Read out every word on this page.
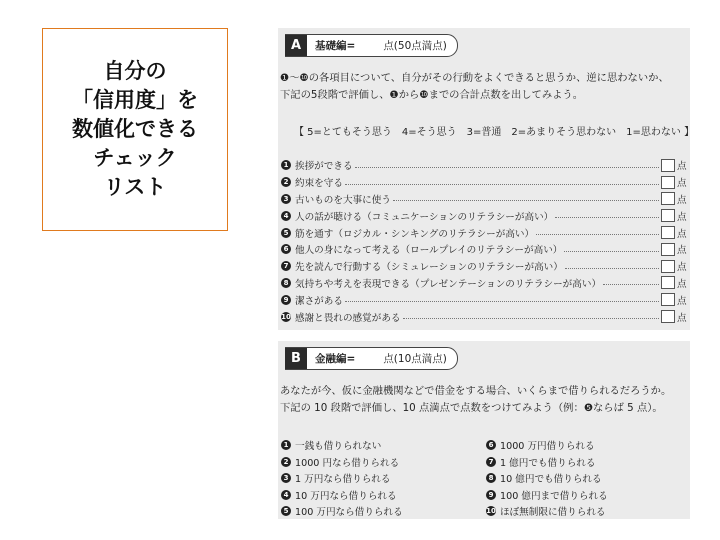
自分の
「信用度」を
数値化できる
チェック
リスト
A	基礎編=	点(50点満点)
❶〜❿の各項目について、自分がその行動をよくできると思うか、逆に思わないか、
下記の5段階で評価し、❶から❿までの合計点数を出してみよう。
【 5=とてもそう思う　4=そう思う　3=普通　2=あまりそう思わない　1=思わない 】
1 挨拶ができる	点
2 約束を守る	点
3 古いものを大事に使う	点
4 人の話が聴ける（コミュニケーションのリテラシーが高い）	点
5 筋を通す（ロジカル・シンキングのリテラシーが高い）	点
6 他人の身になって考える（ロールプレイのリテラシーが高い）	点
7 先を読んで行動する（シミュレーションのリテラシーが高い）	点
8 気持ちや考えを表現できる（プレゼンテーションのリテラシーが高い）	点
9 潔さがある	点
10 感謝と畏れの感覚がある	点
B	金融編=	点(10点満点)
あなたが今、仮に金融機関などで借金をする場合、いくらまで借りられるだろうか。
下記の 10 段階で評価し、10 点満点で点数をつけてみよう（例：❺ならば 5 点）。
1 一銭も借りられない
2 1000 円なら借りられる
3 1 万円なら借りられる
4 10 万円なら借りられる
5 100 万円なら借りられる
6 1000 万円借りられる
7 1 億円でも借りられる
8 10 億円でも借りられる
9 100 億円まで借りられる
10 ほぼ無制限に借りられる
